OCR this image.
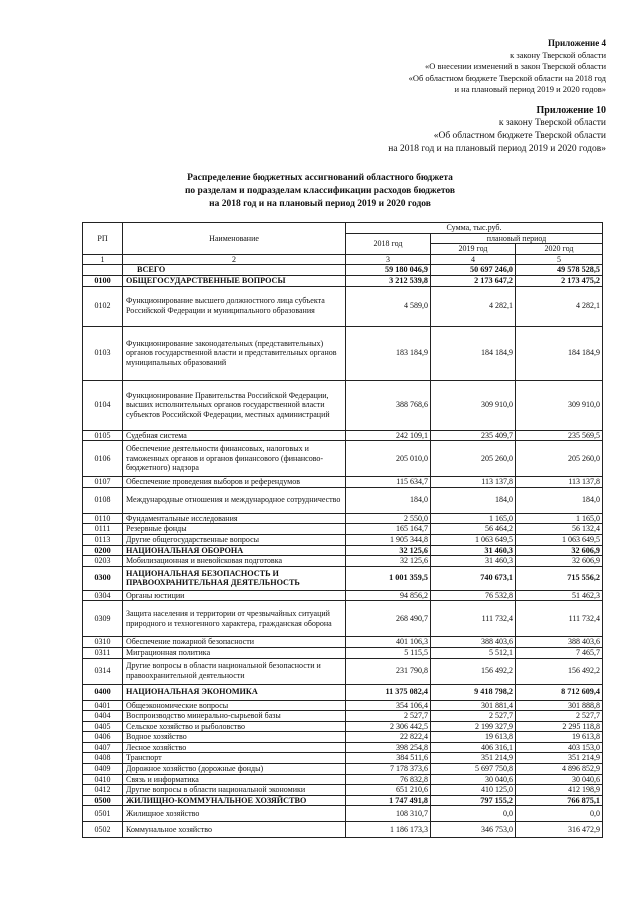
Приложение 4
к закону Тверской области
«О внесении изменений в закон Тверской области
«Об областном бюджете Тверской области на 2018 год
и на плановый период 2019 и 2020 годов»
Приложение 10
к закону Тверской области
«Об областном бюджете Тверской области
на 2018 год и на плановый период 2019 и 2020 годов»
Распределение бюджетных ассигнований областного бюджета
по разделам и подразделам классификации расходов бюджетов
на 2018 год и на плановый период 2019 и 2020 годов
РП	Наименование	Сумма, тыс.руб.		
		2018 год	плановый период	
			2019 год	2020 год
1	2	3	4	5
	ВСЕГО	59 180 046,9	50 697 246,0	49 578 528,5
0100	ОБЩЕГОСУДАРСТВЕННЫЕ ВОПРОСЫ	3 212 539,8	2 173 647,2	2 173 475,2
0102	Функционирование высшего должностного лица субъекта Российской Федерации и муниципального образования	4 589,0	4 282,1	4 282,1
0103	Функционирование законодательных (представительных) органов государственной власти и представительных органов муниципальных образований	183 184,9	184 184,9	184 184,9
0104	Функционирование Правительства Российской Федерации, высших исполнительных органов государственной власти субъектов Российской Федерации, местных администраций	388 768,6	309 910,0	309 910,0
0105	Судебная система	242 109,1	235 409,7	235 569,5
0106	Обеспечение деятельности финансовых, налоговых и таможенных органов и органов финансового (финансово-бюджетного) надзора	205 010,0	205 260,0	205 260,0
0107	Обеспечение проведения выборов и референдумов	115 634,7	113 137,8	113 137,8
0108	Международные отношения и международное сотрудничество	184,0	184,0	184,0
0110	Фундаментальные исследования	2 550,0	1 165,0	1 165,0
0111	Резервные фонды	165 164,7	56 464,2	56 132,4
0113	Другие общегосударственные вопросы	1 905 344,8	1 063 649,5	1 063 649,5
0200	НАЦИОНАЛЬНАЯ ОБОРОНА	32 125,6	31 460,3	32 606,9
0203	Мобилизационная и вневойсковая подготовка	32 125,6	31 460,3	32 606,9
0300	НАЦИОНАЛЬНАЯ БЕЗОПАСНОСТЬ И ПРАВООХРАНИТЕЛЬНАЯ ДЕЯТЕЛЬНОСТЬ	1 001 359,5	740 673,1	715 556,2
0304	Органы юстиции	94 856,2	76 532,8	51 462,3
0309	Защита населения и территории от чрезвычайных ситуаций природного и техногенного характера, гражданская оборона	268 490,7	111 732,4	111 732,4
0310	Обеспечение пожарной безопасности	401 106,3	388 403,6	388 403,6
0311	Миграционная политика	5 115,5	5 512,1	7 465,7
0314	Другие вопросы в области национальной безопасности и правоохранительной деятельности	231 790,8	156 492,2	156 492,2
0400	НАЦИОНАЛЬНАЯ ЭКОНОМИКА	11 375 082,4	9 418 798,2	8 712 609,4
0401	Общеэкономические вопросы	354 106,4	301 881,4	301 888,8
0404	Воспроизводство минерально-сырьевой базы	2 527,7	2 527,7	2 527,7
0405	Сельское хозяйство и рыболовство	2 306 442,5	2 199 327,9	2 295 118,8
0406	Водное хозяйство	22 822,4	19 613,8	19 613,8
0407	Лесное хозяйство	398 254,8	406 316,1	403 153,0
0408	Транспорт	384 511,6	351 214,9	351 214,9
0409	Дорожное хозяйство (дорожные фонды)	7 178 373,6	5 697 750,8	4 896 852,9
0410	Связь и информатика	76 832,8	30 040,6	30 040,6
0412	Другие вопросы в области национальной экономики	651 210,6	410 125,0	412 198,9
0500	ЖИЛИЩНО-КОММУНАЛЬНОЕ ХОЗЯЙСТВО	1 747 491,8	797 155,2	766 875,1
0501	Жилищное хозяйство	108 310,7	0,0	0,0
0502	Коммунальное хозяйство	1 186 173,3	346 753,0	316 472,9
